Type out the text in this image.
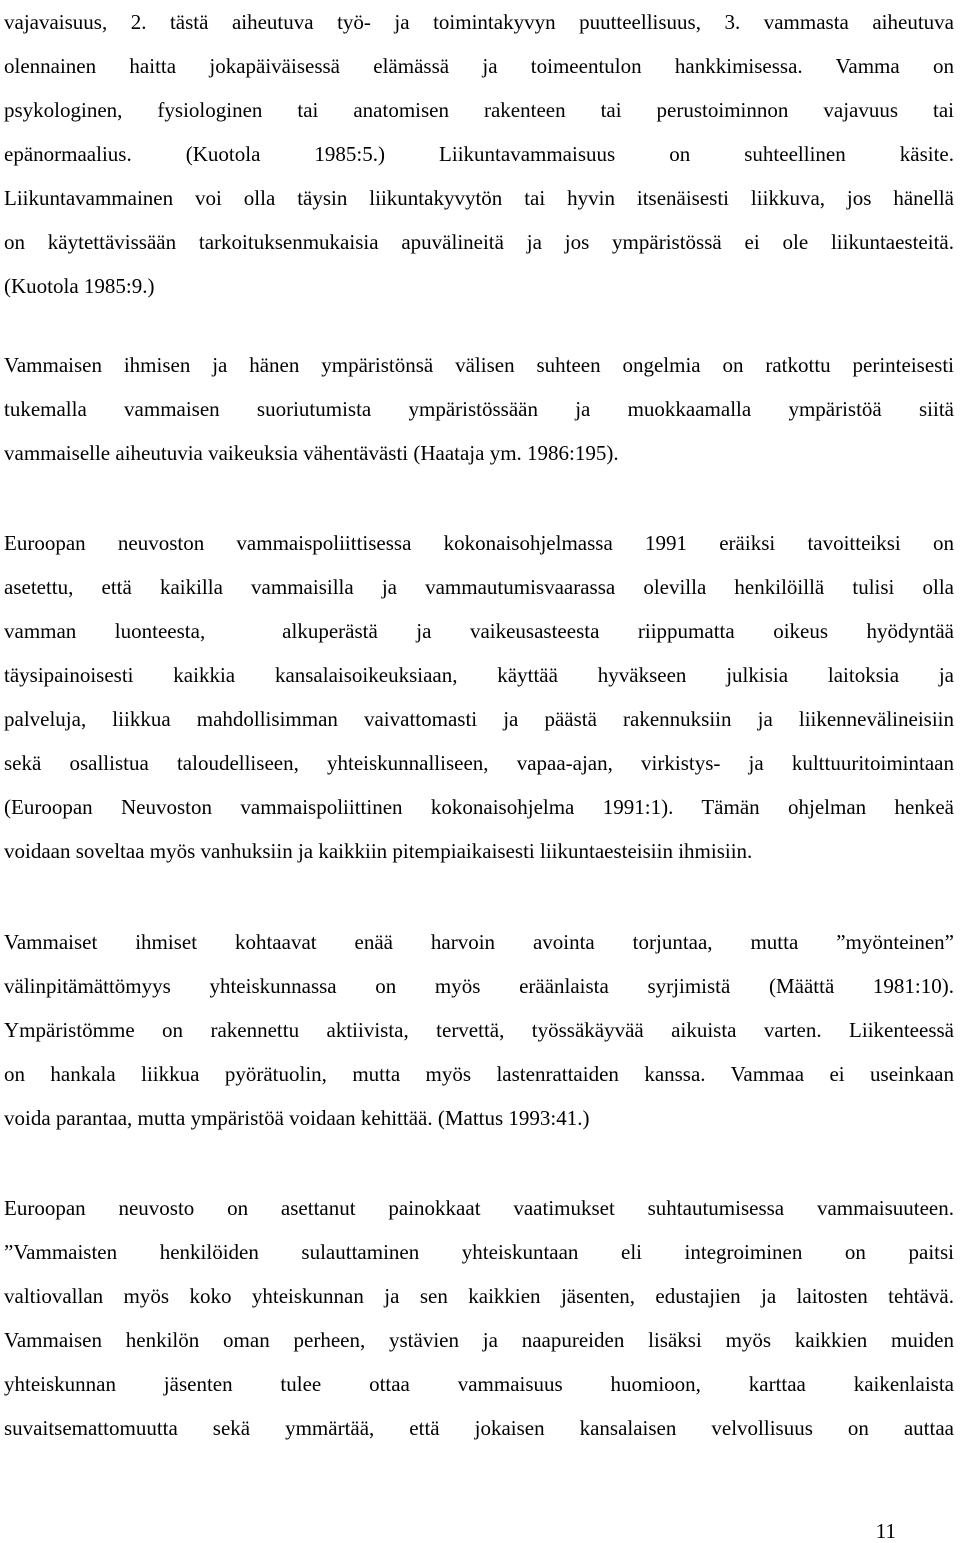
vajavaisuus, 2. tästä aiheutuva työ- ja toimintakyvyn puutteellisuus, 3. vammasta aiheutuva
olennainen haitta jokapäiväisessä elämässä ja toimeentulon hankkimisessa. Vamma on
psykologinen, fysiologinen tai anatomisen rakenteen tai perustoiminnon vajavuus tai
epänormaalius. (Kuotola 1985:5.) Liikuntavammaisuus on suhteellinen käsite.
Liikuntavammainen voi olla täysin liikuntakyvytön tai hyvin itsenäisesti liikkuva, jos hänellä
on käytettävissään tarkoituksenmukaisia apuvälineitä ja jos ympäristössä ei ole liikuntaesteitä.
(Kuotola 1985:9.)
Vammaisen ihmisen ja hänen ympäristönsä välisen suhteen ongelmia on ratkottu perinteisesti
tukemalla vammaisen suoriutumista ympäristössään ja muokkaamalla ympäristöä siitä
vammaiselle aiheutuvia vaikeuksia vähentävästi (Haataja ym. 1986:195).
Euroopan neuvoston vammaispoliittisessa kokonaisohjelmassa 1991 eräiksi tavoitteiksi on
asetettu, että kaikilla vammaisilla ja vammautumisvaarassa olevilla henkilöillä tulisi olla
vamman luonteesta,  alkuperästä ja vaikeusasteesta riippumatta oikeus hyödyntää
täysipainoisesti kaikkia kansalaisoikeuksiaan, käyttää hyväkseen julkisia laitoksia ja
palveluja, liikkua mahdollisimman vaivattomasti ja päästä rakennuksiin ja liikennevälineisiin
sekä osallistua taloudelliseen, yhteiskunnalliseen, vapaa-ajan, virkistys- ja kulttuuritoimintaan
(Euroopan Neuvoston vammaispoliittinen kokonaisohjelma 1991:1). Tämän ohjelman henkeä
voidaan soveltaa myös vanhuksiin ja kaikkiin pitempiaikaisesti liikuntaesteisiin ihmisiin.
Vammaiset ihmiset kohtaavat enää harvoin avointa torjuntaa, mutta ”myönteinen”
välinpitämättömyys yhteiskunnassa on myös eräänlaista syrjimistä (Määttä 1981:10).
Ympäristömme on rakennettu aktiivista, tervettä, työssäkäyvää aikuista varten. Liikenteessä
on hankala liikkua pyörätuolin, mutta myös lastenrattaiden kanssa. Vammaa ei useinkaan
voida parantaa, mutta ympäristöä voidaan kehittää. (Mattus 1993:41.)
Euroopan neuvosto on asettanut painokkaat vaatimukset suhtautumisessa vammaisuuteen.
”Vammaisten henkilöiden sulauttaminen yhteiskuntaan eli integroiminen on paitsi
valtiovallan myös koko yhteiskunnan ja sen kaikkien jäsenten, edustajien ja laitosten tehtävä.
Vammaisen henkilön oman perheen, ystävien ja naapureiden lisäksi myös kaikkien muiden
yhteiskunnan jäsenten tulee ottaa vammaisuus huomioon, karttaa kaikenlaista
suvaitsemattomuutta sekä ymmärtää, että jokaisen kansalaisen velvollisuus on auttaa
11
